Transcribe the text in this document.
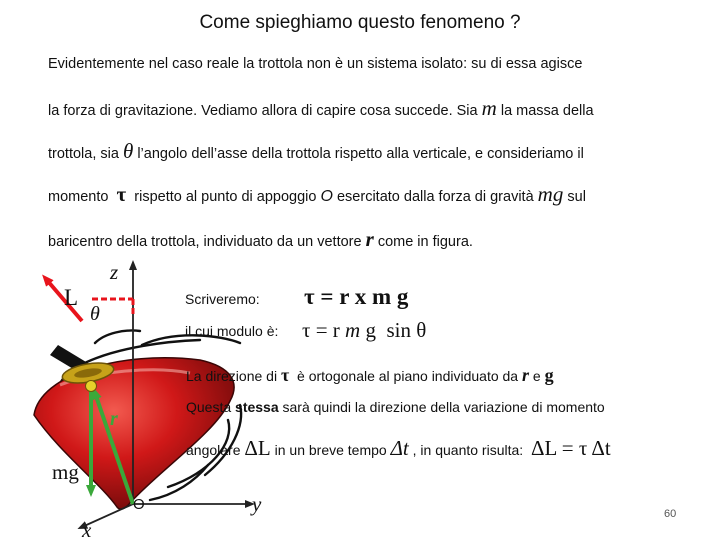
Come spieghiamo questo fenomeno ?
Evidentemente nel caso reale la trottola non è un sistema isolato: su di essa agisce
la forza di gravitazione. Vediamo allora di capire cosa succede. Sia m la massa della
trottola, sia θ l’angolo dell’asse della trottola rispetto alla verticale, e consideriamo il
momento τ rispetto al punto di appoggio O esercitato dalla forza di gravità mg sul
baricentro della trottola, individuato da un vettore r come in figura.
z
L
θ
r
mg
O	y
x
Scriveremo: τ = r x m g
il cui modulo è: τ = r m g sin θ
La direzione di τ è ortogonale al piano individuato da r e g
Questa stessa sarà quindi la direzione della variazione di momento
angolare ΔL in un breve tempo Δt , in quanto risulta: ΔL = τ Δt
60
